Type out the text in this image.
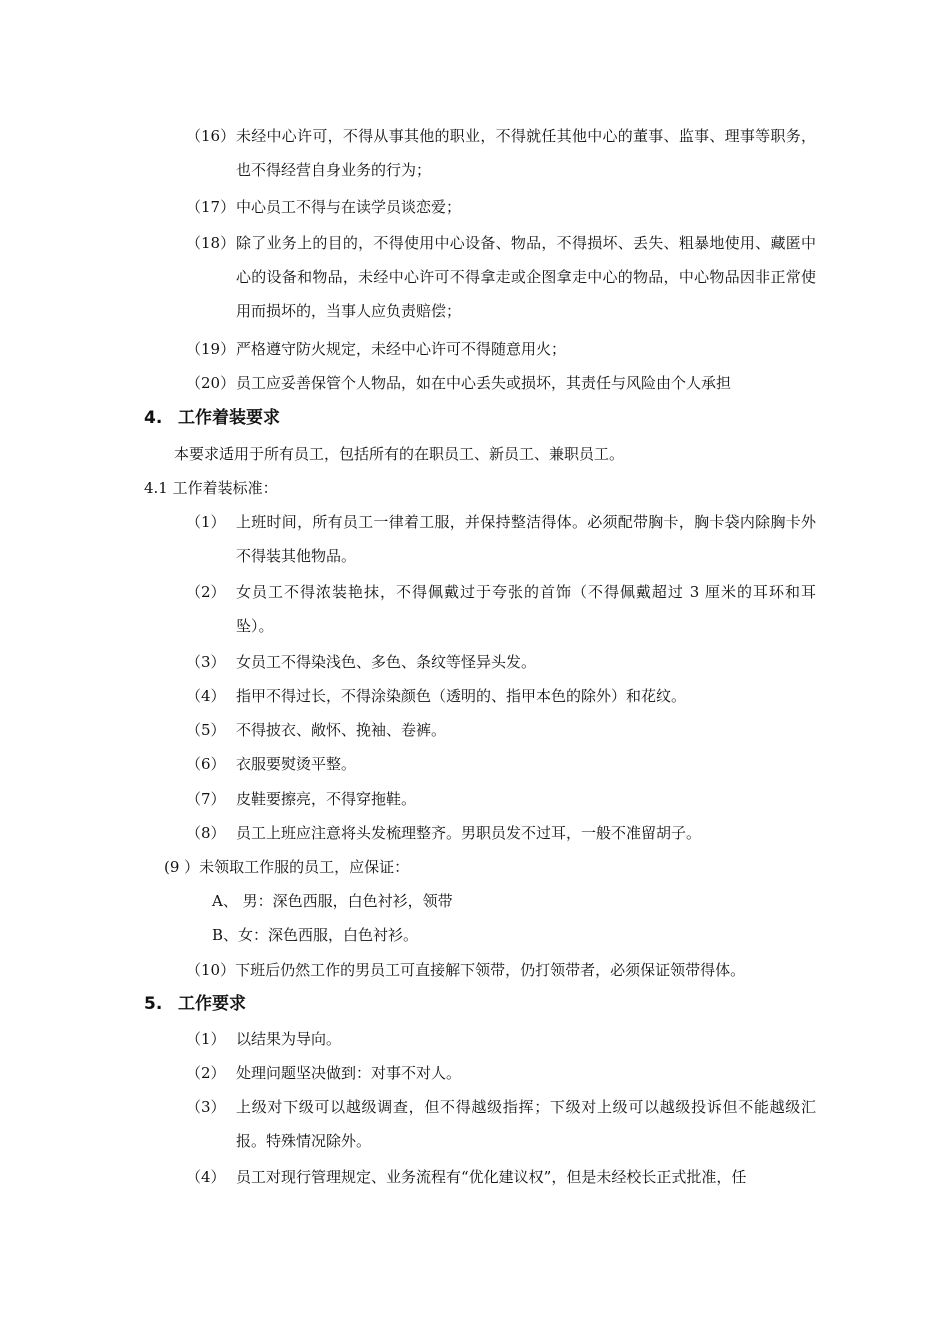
（16） 未经中心许可，不得从事其他的职业，不得就任其他中心的董事、监事、理事等职务，也不得经营自身业务的行为；
（17） 中心员工不得与在读学员谈恋爱；
（18） 除了业务上的目的，不得使用中心设备、物品，不得损坏、丢失、粗暴地使用、藏匿中心的设备和物品，未经中心许可不得拿走或企图拿走中心的物品，中心物品因非正常使用而损坏的，当事人应负责赔偿；
（19） 严格遵守防火规定，未经中心许可不得随意用火；
（20） 员工应妥善保管个人物品，如在中心丢失或损坏，其责任与风险由个人承担
4. 工作着装要求
本要求适用于所有员工，包括所有的在职员工、新员工、兼职员工。
4.1 工作着装标准：
（1） 上班时间，所有员工一律着工服，并保持整洁得体。必须配带胸卡，胸卡袋内除胸卡外不得装其他物品。
（2） 女员工不得浓装艳抹，不得佩戴过于夸张的首饰（不得佩戴超过 3 厘米的耳环和耳坠）。
（3） 女员工不得染浅色、多色、条纹等怪异头发。
（4） 指甲不得过长，不得涂染颜色（透明的、指甲本色的除外）和花纹。
（5） 不得披衣、敞怀、挽袖、卷裤。
（6） 衣服要熨烫平整。
（7） 皮鞋要擦亮，不得穿拖鞋。
（8） 员工上班应注意将头发梳理整齐。男职员发不过耳，一般不准留胡子。
(9 ）未领取工作服的员工，应保证：
A、 男：深色西服，白色衬衫，领带
B、女：深色西服，白色衬衫。
（10）下班后仍然工作的男员工可直接解下领带，仍打领带者，必须保证领带得体。
5. 工作要求
（1） 以结果为导向。
（2） 处理问题坚决做到：对事不对人。
（3） 上级对下级可以越级调查，但不得越级指挥；下级对上级可以越级投诉但不能越级汇报。特殊情况除外。
（4） 员工对现行管理规定、业务流程有“优化建议权”，但是未经校长正式批准，任
